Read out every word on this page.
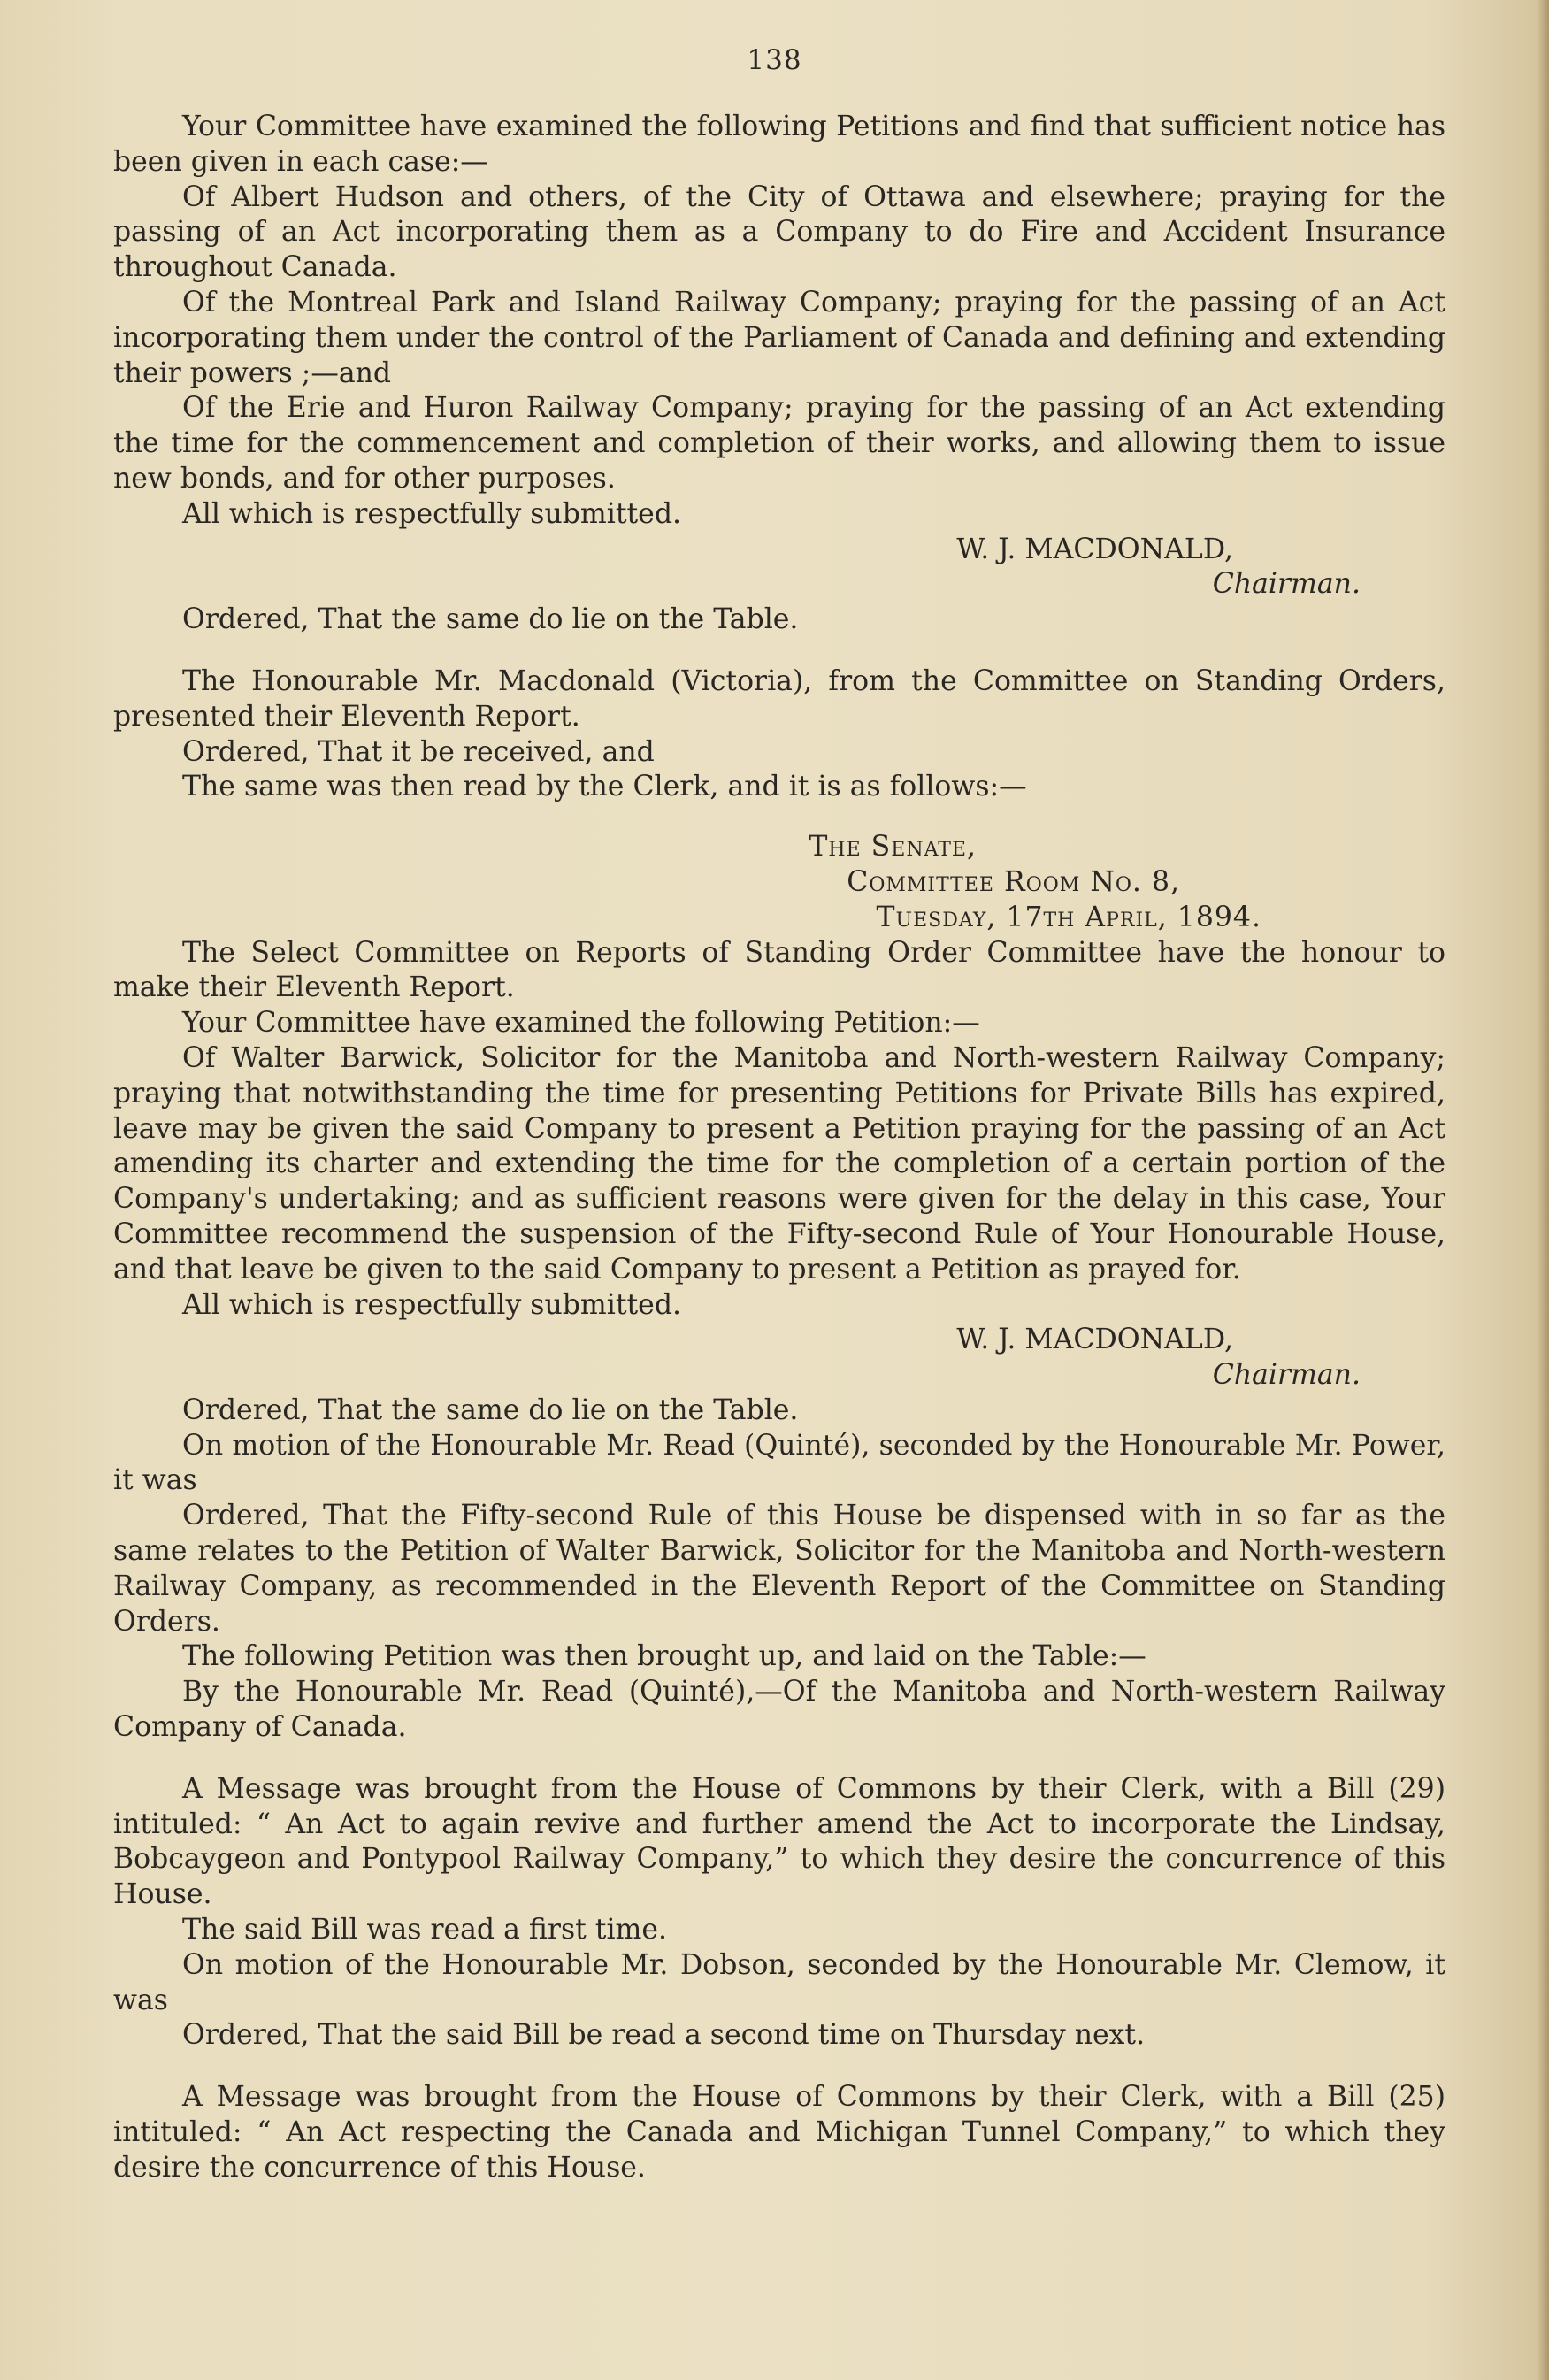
138

Your Committee have examined the following Petitions and find that sufficient notice has been given in each case:—

Of Albert Hudson and others, of the City of Ottawa and elsewhere; praying for the passing of an Act incorporating them as a Company to do Fire and Accident Insurance throughout Canada.

Of the Montreal Park and Island Railway Company; praying for the passing of an Act incorporating them under the control of the Parliament of Canada and defining and extending their powers ;—and

Of the Erie and Huron Railway Company; praying for the passing of an Act extending the time for the commencement and completion of their works, and allowing them to issue new bonds, and for other purposes.

All which is respectfully submitted.

W. J. MACDONALD,

Chairman.

Ordered, That the same do lie on the Table.

The Honourable Mr. Macdonald (Victoria), from the Committee on Standing Orders, presented their Eleventh Report.

Ordered, That it be received, and

The same was then read by the Clerk, and it is as follows:—

The Senate,

Committee Room No. 8,

Tuesday, 17th April, 1894.

The Select Committee on Reports of Standing Order Committee have the honour to make their Eleventh Report.

Your Committee have examined the following Petition:—

Of Walter Barwick, Solicitor for the Manitoba and North-western Railway Company; praying that notwithstanding the time for presenting Petitions for Private Bills has expired, leave may be given the said Company to present a Petition praying for the passing of an Act amending its charter and extending the time for the completion of a certain portion of the Company's undertaking; and as sufficient reasons were given for the delay in this case, Your Committee recommend the suspension of the Fifty-second Rule of Your Honourable House, and that leave be given to the said Company to present a Petition as prayed for.

All which is respectfully submitted.

W. J. MACDONALD,

Chairman.

Ordered, That the same do lie on the Table.

On motion of the Honourable Mr. Read (Quinté), seconded by the Honourable Mr. Power, it was

Ordered, That the Fifty-second Rule of this House be dispensed with in so far as the same relates to the Petition of Walter Barwick, Solicitor for the Manitoba and North-western Railway Company, as recommended in the Eleventh Report of the Committee on Standing Orders.

The following Petition was then brought up, and laid on the Table:—

By the Honourable Mr. Read (Quinté),—Of the Manitoba and North-western Railway Company of Canada.

A Message was brought from the House of Commons by their Clerk, with a Bill (29) intituled: “ An Act to again revive and further amend the Act to incorporate the Lindsay, Bobcaygeon and Pontypool Railway Company,” to which they desire the concurrence of this House.

The said Bill was read a first time.

On motion of the Honourable Mr. Dobson, seconded by the Honourable Mr. Clemow, it was

Ordered, That the said Bill be read a second time on Thursday next.

A Message was brought from the House of Commons by their Clerk, with a Bill (25) intituled: “ An Act respecting the Canada and Michigan Tunnel Company,” to which they desire the concurrence of this House.
